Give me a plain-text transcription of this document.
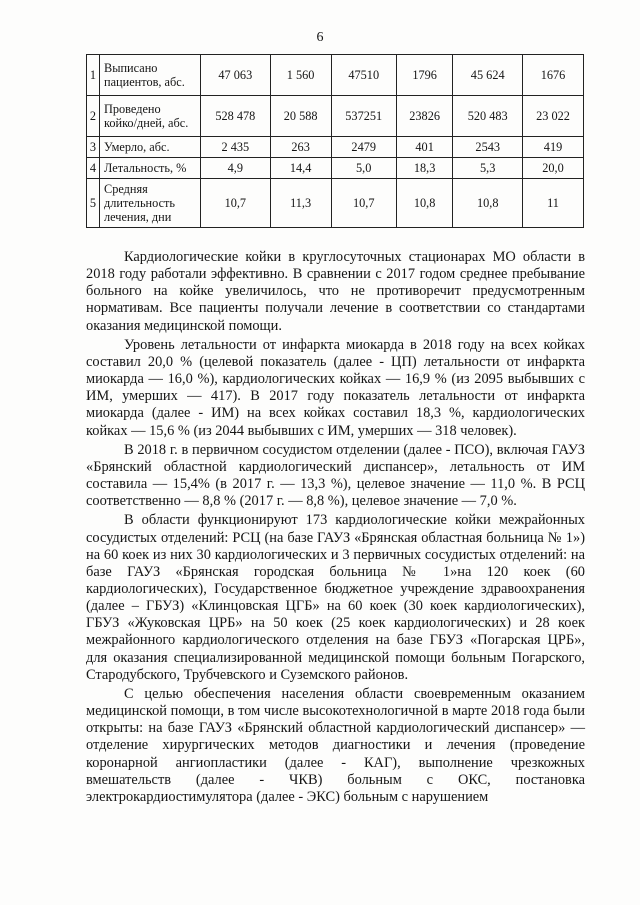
6
1	Выписано пациентов, абс.	47 063	1 560	47510	1796	45 624	1676
2	Проведено койко/дней, абс.	528 478	20 588	537251	23826	520 483	23 022
3	Умерло, абс.	2 435	263	2479	401	2543	419
4	Летальность, %	4,9	14,4	5,0	18,3	5,3	20,0
5	Средняя длительность лечения, дни	10,7	11,3	10,7	10,8	10,8	11

Кардиологические койки в круглосуточных стационарах МО области в 2018 году работали эффективно. В сравнении с 2017 годом среднее пребывание больного на койке увеличилось, что не противоречит предусмотренным нормативам. Все пациенты получали лечение в соответствии со стандартами оказания медицинской помощи.

Уровень летальности от инфаркта миокарда в 2018 году на всех койках составил 20,0 % (целевой показатель (далее - ЦП) летальности от инфаркта миокарда — 16,0 %), кардиологических койках — 16,9 % (из 2095 выбывших с ИМ, умерших — 417). В 2017 году показатель летальности от инфаркта миокарда (далее - ИМ) на всех койках составил 18,3 %, кардиологических койках — 15,6 % (из 2044 выбывших с ИМ, умерших — 318 человек).

В 2018 г. в первичном сосудистом отделении (далее - ПСО), включая ГАУЗ «Брянский областной кардиологический диспансер», летальность от ИМ составила — 15,4% (в 2017 г. — 13,3 %), целевое значение — 11,0 %. В РСЦ соответственно — 8,8 % (2017 г. — 8,8 %), целевое значение — 7,0 %.

В области функционируют 173 кардиологические койки межрайонных сосудистых отделений: РСЦ (на базе ГАУЗ «Брянская областная больница № 1») на 60 коек из них 30 кардиологических и 3 первичных сосудистых отделений: на базе ГАУЗ «Брянская городская больница № 1»на 120 коек (60 кардиологических), Государственное бюджетное учреждение здравоохранения (далее – ГБУЗ) «Клинцовская ЦГБ» на 60 коек (30 коек кардиологических), ГБУЗ «Жуковская ЦРБ» на 50 коек (25 коек кардиологических) и 28 коек межрайонного кардиологического отделения на базе ГБУЗ «Погарская ЦРБ», для оказания специализированной медицинской помощи больным Погарского, Стародубского, Трубчевского и Суземского районов.

С целью обеспечения населения области своевременным оказанием медицинской помощи, в том числе высокотехнологичной в марте 2018 года были открыты: на базе ГАУЗ «Брянский областной кардиологический диспансер» — отделение хирургических методов диагностики и лечения (проведение коронарной ангиопластики (далее - КАГ), выполнение чрезкожных вмешательств (далее - ЧКВ) больным с ОКС, постановка электрокардиостимулятора (далее - ЭКС) больным с нарушением
